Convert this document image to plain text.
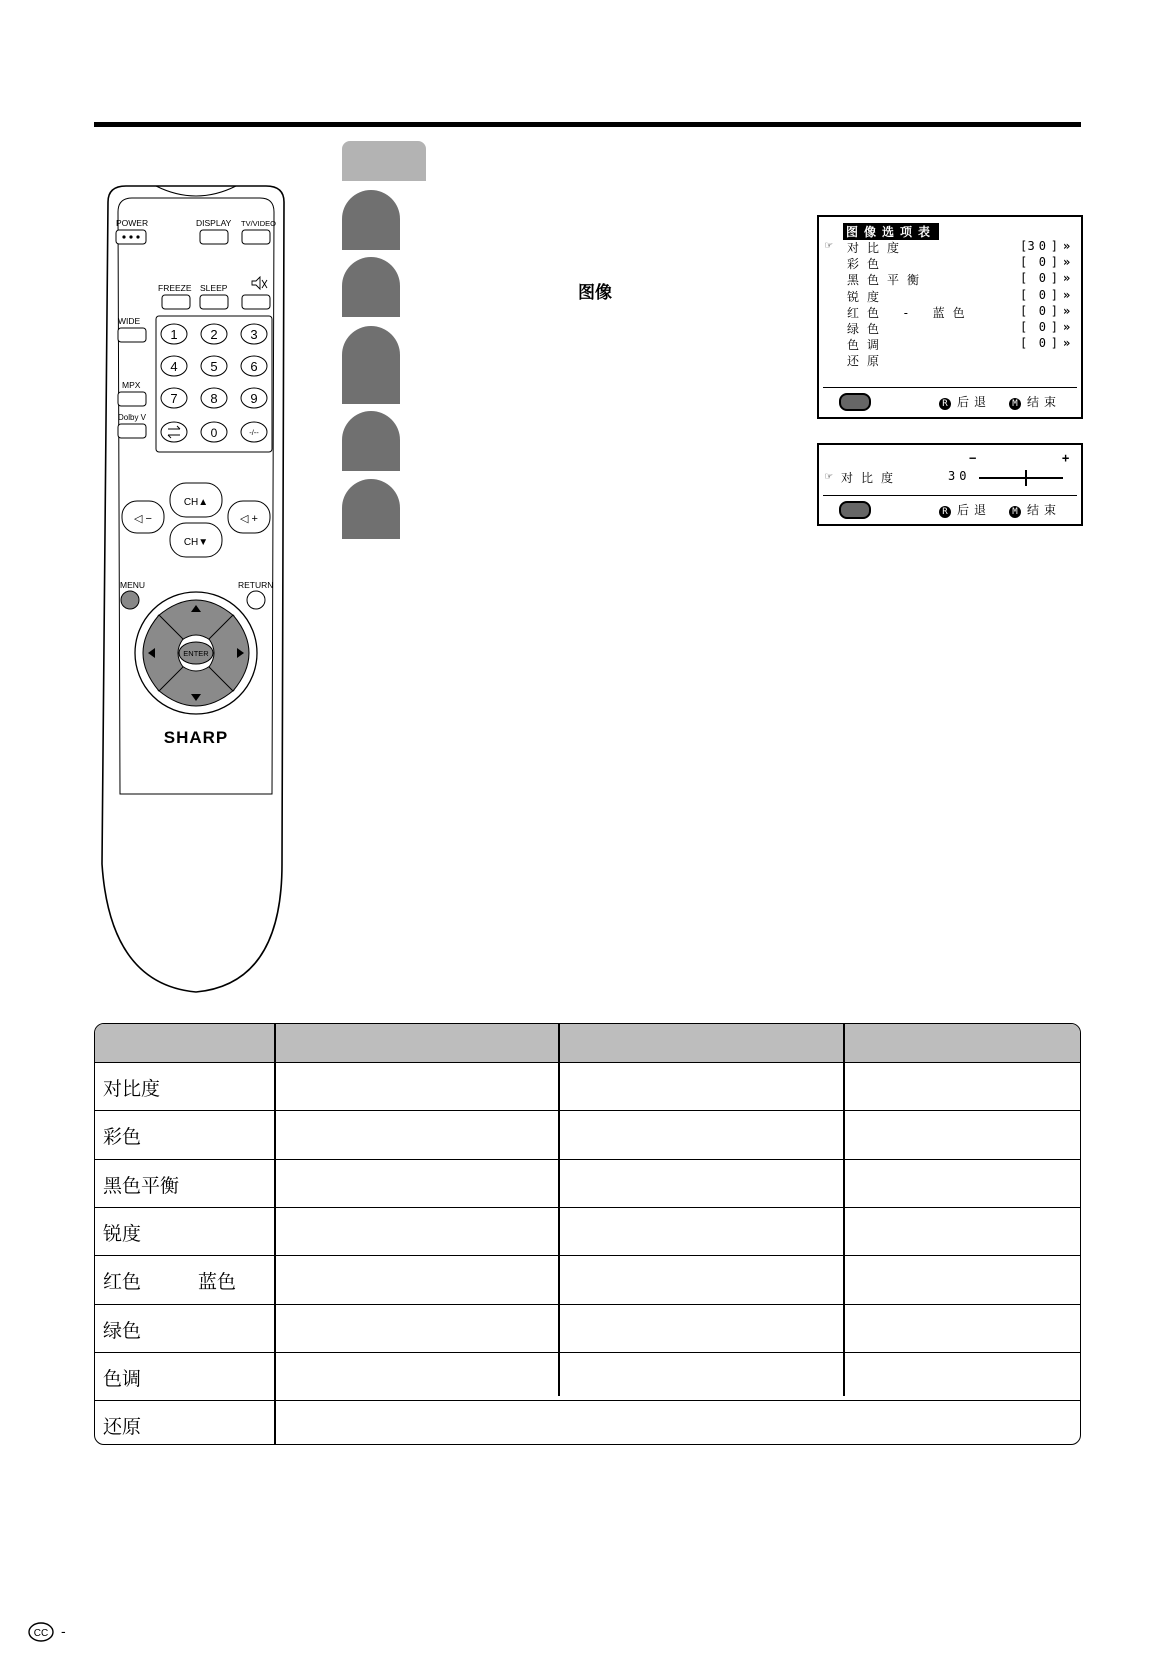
图像
POWER	DISPLAY TV/VIDEO
FREEZE SLEEP
WIDE
MPX
Dolby V
1	2	3
4	5	6
7	8	9
0	-/--
CH▲
CH▼
◁ −	◁ +
MENU	RETURN
ENTER
SHARP
图像选项表
☞ 对比度	[ 30 ] »
彩色	[ 0 ] »
黑色平衡	[ 0 ] »
锐度	[ 0 ] »
红色 - 蓝色	[ 0 ] »
绿色	[ 0 ] »
色调	[ 0 ] »
还原
R 后退	M 结束
−	+
☞ 对比度	30
R 后退	M 结束
对比度
彩色
黑色平衡
锐度
红色	蓝色
绿色
色调
还原
CC -
